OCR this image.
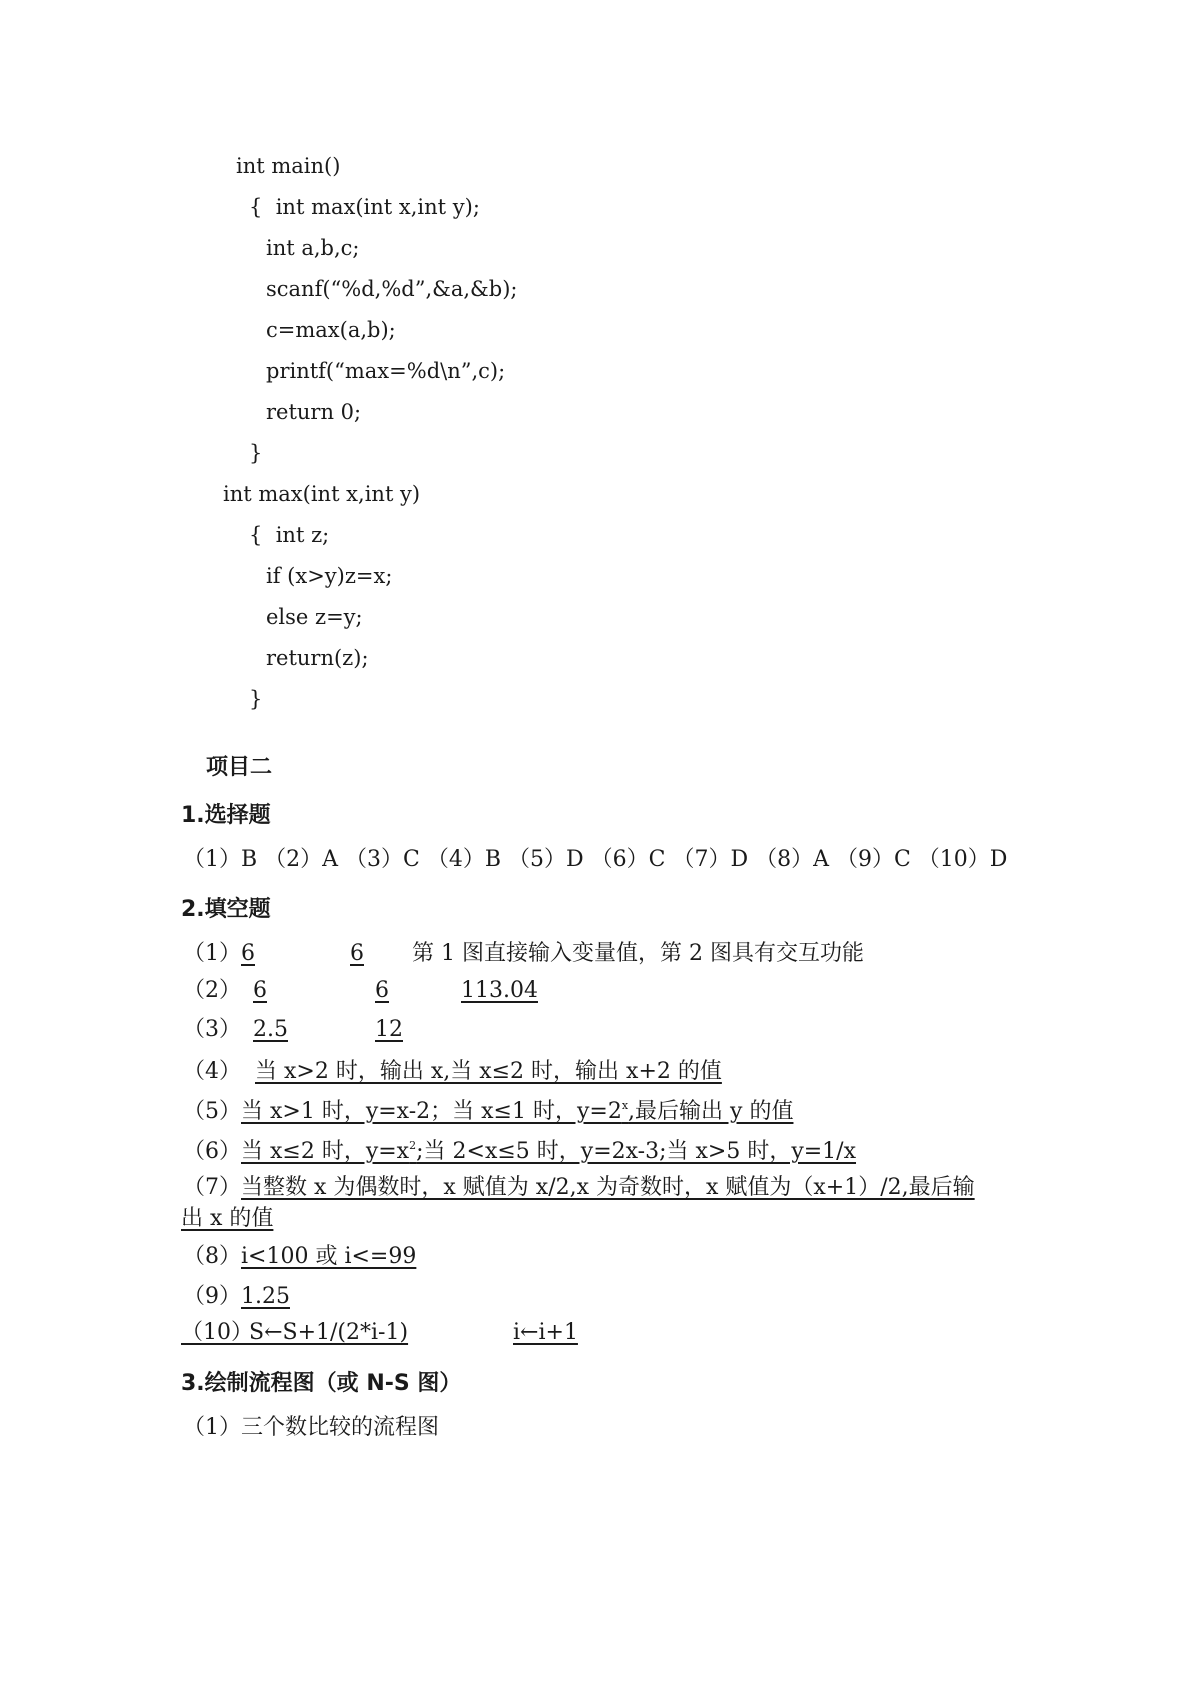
int main()
{  int max(int x,int y);
int a,b,c;
scanf(“%d,%d”,&a,&b);
c=max(a,b);
printf(“max=%d\n”,c);
return 0;
}
int max(int x,int y)
{  int z;
if (x>y)z=x;
else z=y;
return(z);
}
项目二
1.选择题
（1）B （2）A （3）C （4）B （5）D （6）C （7）D （8）A （9）C （10）D
2.填空题
（1） 6	6	第 1 图直接输入变量值，第 2 图具有交互功能
（2） 6	6	113.04
（3） 2.5	12
（4） 当 x>2 时，输出 x,当 x≤2 时，输出 x+2 的值
（5） 当 x>1 时，y=x-2；当 x≤1 时，$y=2^x$,最后输出 y 的值
（6） 当 x≤2 时，$y=x^2$;当 2<x≤5 时，y=2x-3;当 x>5 时，y=1/x
（7） 当整数 x 为偶数时，x 赋值为 x/2,x 为奇数时，x 赋值为（x+1）/2,最后输
出 x 的值
（8） i<100 或 i<=99
（9） 1.25
（10）
S←S+1/(2*i-1)	i←i+1
3.绘制流程图（或 N-S 图）
（1）三个数比较的流程图
